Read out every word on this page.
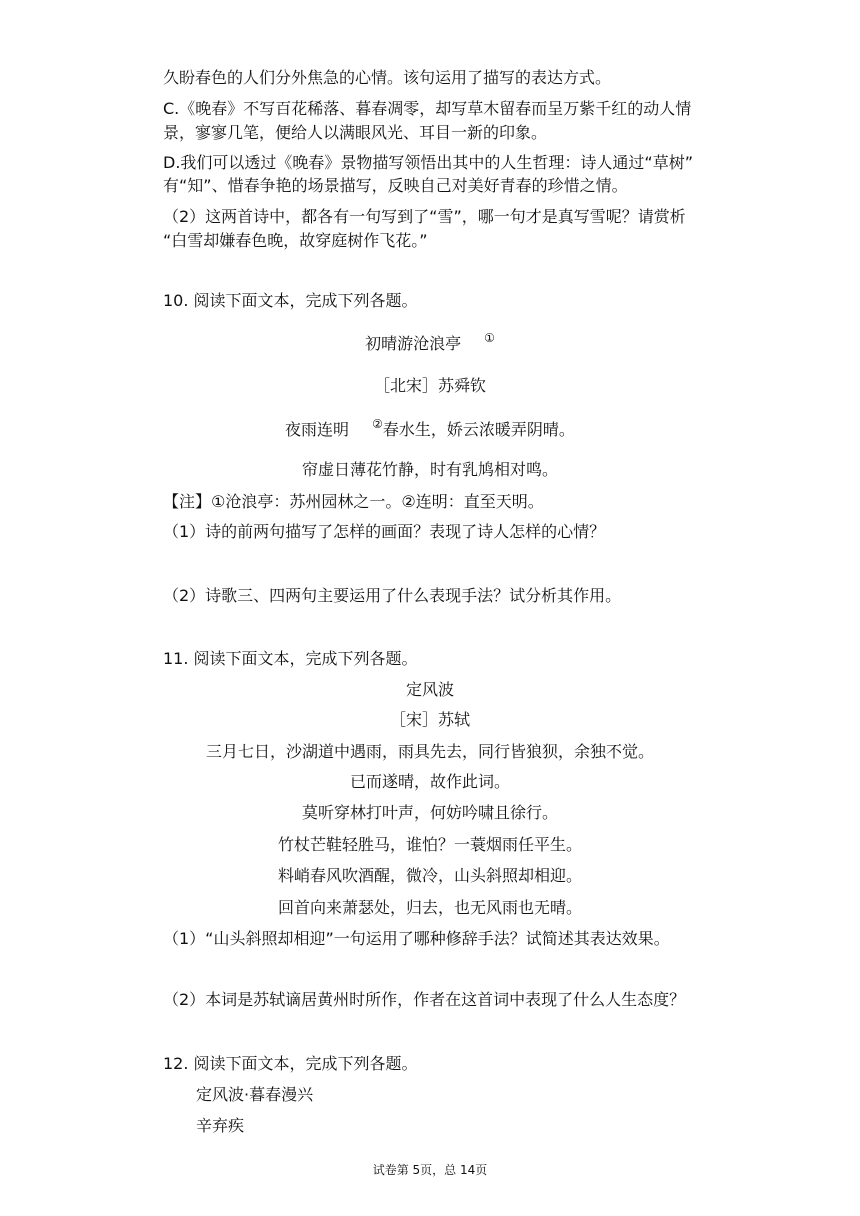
久盼春色的人们分外焦急的心情。该句运用了描写的表达方式。
C.《晚春》不写百花稀落、暮春凋零，却写草木留春而呈万紫千红的动人情
景，寥寥几笔，便给人以满眼风光、耳目一新的印象。
D.我们可以透过《晚春》景物描写领悟出其中的人生哲理：诗人通过“草树”
有“知”、惜春争艳的场景描写，反映自己对美好青春的珍惜之情。
（2）这两首诗中，都各有一句写到了“雪”，哪一句才是真写雪呢？请赏析
“白雪却嫌春色晚，故穿庭树作飞花。”
10. 阅读下面文本，完成下列各题。
初晴游沧浪亭 ①
［北宋］苏舜钦
夜雨连明 ②春水生，娇云浓暖弄阴晴。
帘虚日薄花竹静，时有乳鸠相对鸣。
【注】①沧浪亭：苏州园林之一。②连明：直至天明。
（1）诗的前两句描写了怎样的画面？表现了诗人怎样的心情？
（2）诗歌三、四两句主要运用了什么表现手法？试分析其作用。
11. 阅读下面文本，完成下列各题。
定风波
［宋］苏轼
三月七日，沙湖道中遇雨，雨具先去，同行皆狼狈，余独不觉。
已而遂晴，故作此词。
莫听穿林打叶声，何妨吟啸且徐行。
竹杖芒鞋轻胜马，谁怕？一蓑烟雨任平生。
料峭春风吹酒醒，微冷，山头斜照却相迎。
回首向来萧瑟处，归去，也无风雨也无晴。
（1）“山头斜照却相迎”一句运用了哪种修辞手法？试简述其表达效果。
（2）本词是苏轼谪居黄州时所作，作者在这首词中表现了什么人生态度？
12. 阅读下面文本，完成下列各题。
定风波·暮春漫兴
辛弃疾
试卷第 5页，总 14页
